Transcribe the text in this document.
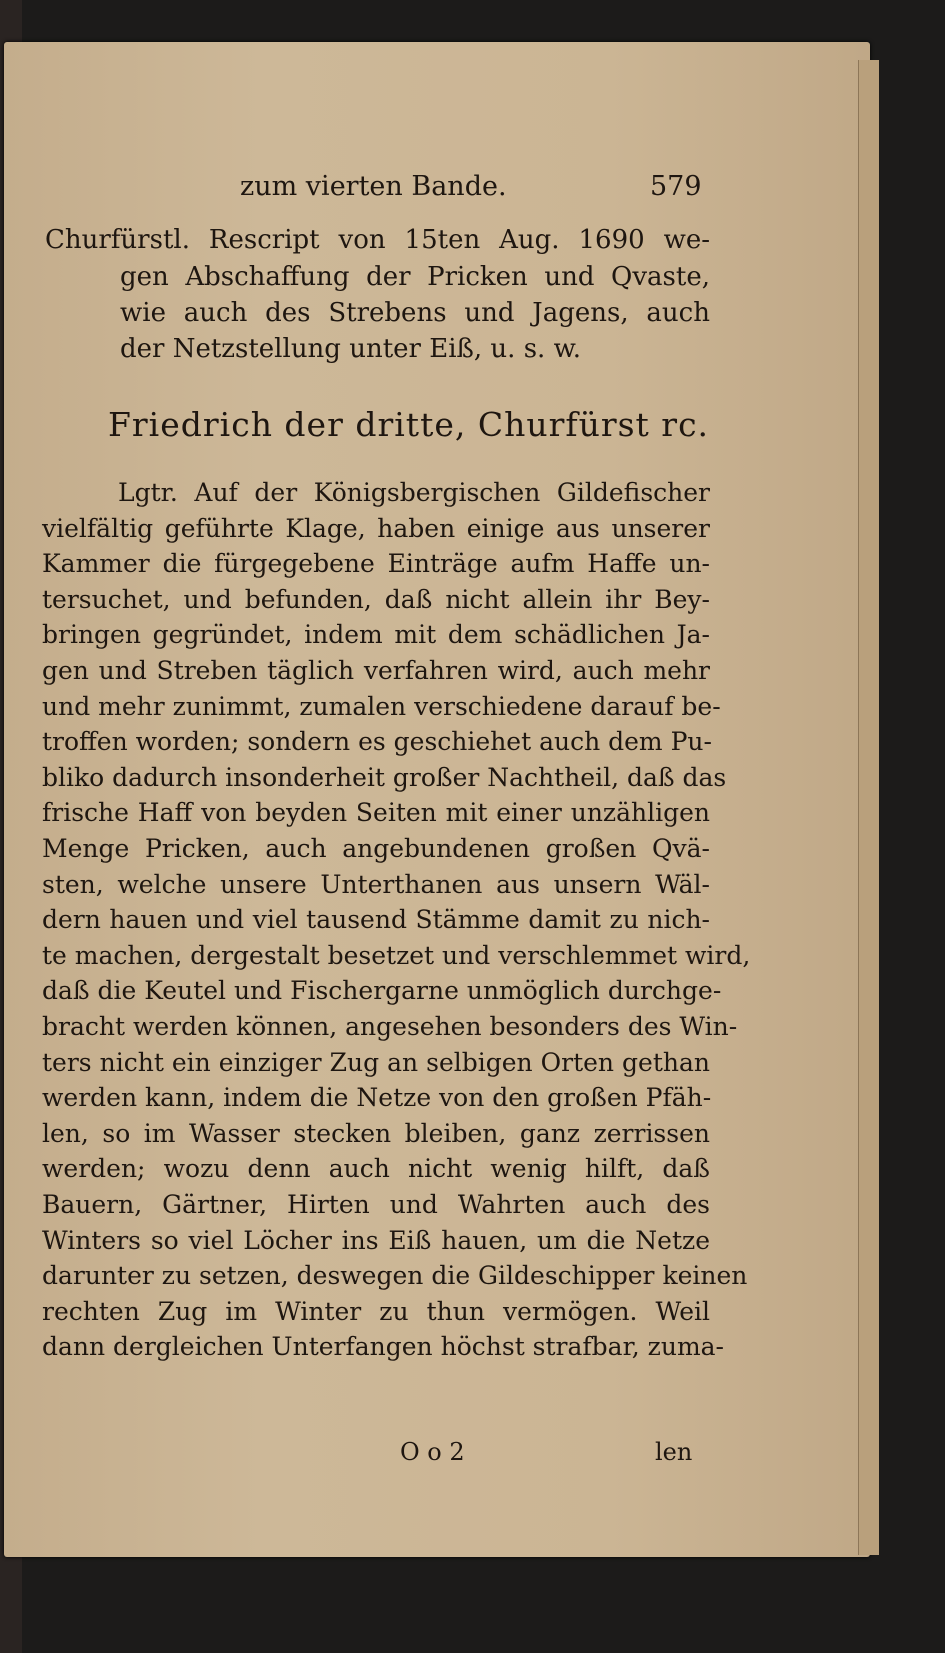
zum vierten Bande.	579
Churfürstl. Rescript von 15ten Aug. 1690 we-
gen Abschaffung der Pricken und Qvaste,
wie auch des Strebens und Jagens, auch
der Netzstellung unter Eiß, u. s. w.
Friedrich der dritte, Churfürst rc.
Lgtr. Auf der Königsbergischen Gildefischer
vielfältig geführte Klage, haben einige aus unserer
Kammer die fürgegebene Einträge aufm Haffe un-
tersuchet, und befunden, daß nicht allein ihr Bey-
bringen gegründet, indem mit dem schädlichen Ja-
gen und Streben täglich verfahren wird, auch mehr
und mehr zunimmt, zumalen verschiedene darauf be-
troffen worden; sondern es geschiehet auch dem Pu-
bliko dadurch insonderheit großer Nachtheil, daß das
frische Haff von beyden Seiten mit einer unzähligen
Menge Pricken, auch angebundenen großen Qvä-
sten, welche unsere Unterthanen aus unsern Wäl-
dern hauen und viel tausend Stämme damit zu nich-
te machen, dergestalt besetzet und verschlemmet wird,
daß die Keutel und Fischergarne unmöglich durchge-
bracht werden können, angesehen besonders des Win-
ters nicht ein einziger Zug an selbigen Orten gethan
werden kann, indem die Netze von den großen Pfäh-
len, so im Wasser stecken bleiben, ganz zerrissen
werden; wozu denn auch nicht wenig hilft, daß
Bauern, Gärtner, Hirten und Wahrten auch des
Winters so viel Löcher ins Eiß hauen, um die Netze
darunter zu setzen, deswegen die Gildeschipper keinen
rechten Zug im Winter zu thun vermögen. Weil
dann dergleichen Unterfangen höchst strafbar, zuma-
O o 2	len
